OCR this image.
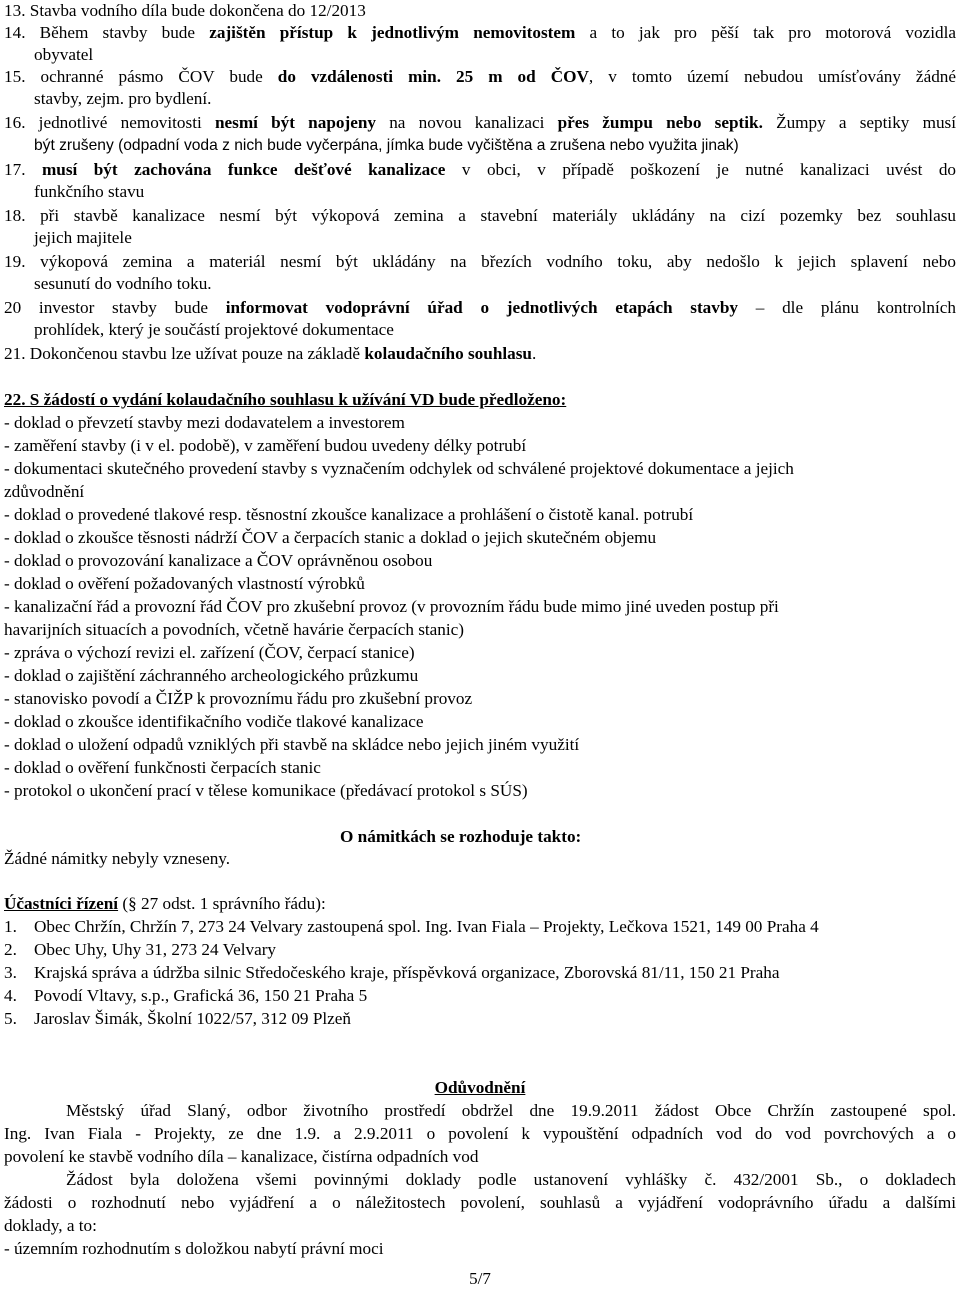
13. Stavba vodního díla bude dokončena do 12/2013
14. Během stavby bude zajištěn přístup k jednotlivým nemovitostem a to jak pro pěší tak pro motorová vozidla
obyvatel
15. ochranné pásmo ČOV bude do vzdálenosti min. 25 m od ČOV, v tomto území nebudou umísťovány žádné
stavby, zejm. pro bydlení.
16. jednotlivé nemovitosti nesmí být napojeny na novou kanalizaci přes žumpu nebo septik. Žumpy a septiky musí
být zrušeny (odpadní voda z nich bude vyčerpána, jímka bude vyčištěna a zrušena nebo využita jinak)
17. musí být zachována funkce dešťové kanalizace v obci, v případě poškození je nutné kanalizaci uvést do
funkčního stavu
18. při stavbě kanalizace nesmí být výkopová zemina a stavební materiály ukládány na cizí pozemky bez souhlasu
jejich majitele
19. výkopová zemina a materiál nesmí být ukládány na březích vodního toku, aby nedošlo k jejich splavení nebo
sesunutí do vodního toku.
20 investor stavby bude informovat vodoprávní úřad o jednotlivých etapách stavby – dle plánu kontrolních
prohlídek, který je součástí projektové dokumentace
21. Dokončenou stavbu lze užívat pouze na základě kolaudačního souhlasu.
22. S žádostí o vydání kolaudačního souhlasu k užívání VD bude předloženo:
- doklad o převzetí stavby mezi dodavatelem a investorem
- zaměření stavby (i v el. podobě), v zaměření budou uvedeny délky potrubí
- dokumentaci skutečného provedení stavby s vyznačením odchylek od schválené projektové dokumentace a jejich
zdůvodnění
- doklad o provedené tlakové resp. těsnostní zkoušce kanalizace a prohlášení o čistotě kanal. potrubí
- doklad o zkoušce těsnosti nádrží ČOV a čerpacích stanic a doklad o jejich skutečném objemu
- doklad o provozování kanalizace a ČOV oprávněnou osobou
- doklad o ověření požadovaných vlastností výrobků
- kanalizační řád a provozní řád ČOV pro zkušební provoz (v provozním řádu bude mimo jiné uveden postup při
havarijních situacích a povodních, včetně havárie čerpacích stanic)
- zpráva o výchozí revizi el. zařízení (ČOV, čerpací stanice)
- doklad o zajištění záchranného archeologického průzkumu
- stanovisko povodí a ČIŽP k provoznímu řádu pro zkušební provoz
- doklad o zkoušce identifikačního vodiče tlakové kanalizace
- doklad o uložení odpadů vzniklých při stavbě na skládce nebo jejich jiném využití
- doklad o ověření funkčnosti čerpacích stanic
- protokol o ukončení prací v tělese komunikace (předávací protokol s SÚS)
O námitkách se rozhoduje takto:
Žádné námitky nebyly vzneseny.
Účastníci řízení (§ 27 odst. 1 správního řádu):
1. Obec Chržín, Chržín 7, 273 24 Velvary zastoupená spol. Ing. Ivan Fiala – Projekty, Lečkova 1521, 149 00 Praha 4
2. Obec Uhy, Uhy 31, 273 24 Velvary
3. Krajská správa a údržba silnic Středočeského kraje, příspěvková organizace, Zborovská 81/11, 150 21 Praha
4. Povodí Vltavy, s.p., Grafická 36, 150 21 Praha 5
5. Jaroslav Šimák, Školní 1022/57, 312 09 Plzeň
Odůvodnění
Městský úřad Slaný, odbor životního prostředí obdržel dne 19.9.2011 žádost Obce Chržín zastoupené spol.
Ing. Ivan Fiala - Projekty, ze dne 1.9. a 2.9.2011 o povolení k vypouštění odpadních vod do vod povrchových a o
povolení ke stavbě vodního díla – kanalizace, čistírna odpadních vod
Žádost byla doložena všemi povinnými doklady podle ustanovení vyhlášky č. 432/2001 Sb., o dokladech
žádosti o rozhodnutí nebo vyjádření a o náležitostech povolení, souhlasů a vyjádření vodoprávního úřadu a dalšími
doklady, a to:
- územním rozhodnutím s doložkou nabytí právní moci
5/7
